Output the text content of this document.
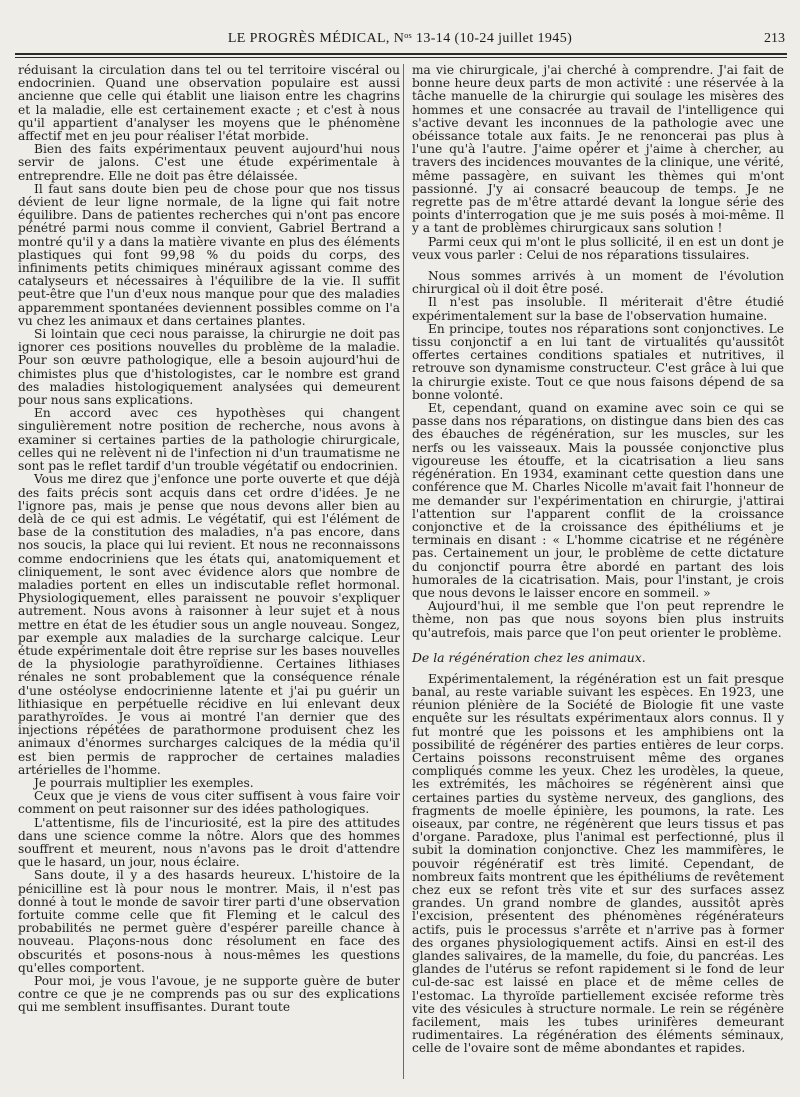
LE PROGRÈS MÉDICAL, Nᵒˢ 13-14 (10-24 juillet 1945)	213

réduisant la circulation dans tel ou tel territoire viscéral ou endocrinien. Quand une observation populaire est aussi ancienne que celle qui établit une liaison entre les chagrins et la maladie, elle est certainement exacte ; et c'est à nous qu'il appartient d'analyser les moyens que le phénomène affectif met en jeu pour réaliser l'état morbide.

Bien des faits expérimentaux peuvent aujourd'hui nous servir de jalons. C'est une étude expérimentale à entreprendre. Elle ne doit pas être délaissée.

Il faut sans doute bien peu de chose pour que nos tissus dévient de leur ligne normale, de la ligne qui fait notre équilibre. Dans de patientes recherches qui n'ont pas encore pénétré parmi nous comme il convient, Gabriel Bertrand a montré qu'il y a dans la matière vivante en plus des éléments plastiques qui font 99,98 % du poids du corps, des infiniments petits chimiques minéraux agissant comme des catalyseurs et nécessaires à l'équilibre de la vie. Il suffit peut-être que l'un d'eux nous manque pour que des maladies apparemment spontanées deviennent possibles comme on l'a vu chez les animaux et dans certaines plantes.

Si lointain que ceci nous paraisse, la chirurgie ne doit pas ignorer ces positions nouvelles du problème de la maladie. Pour son œuvre pathologique, elle a besoin aujourd'hui de chimistes plus que d'histologistes, car le nombre est grand des maladies histologiquement analysées qui demeurent pour nous sans explications.

En accord avec ces hypothèses qui changent singulièrement notre position de recherche, nous avons à examiner si certaines parties de la pathologie chirurgicale, celles qui ne relèvent ni de l'infection ni d'un traumatisme ne sont pas le reflet tardif d'un trouble végétatif ou endocrinien.

Vous me direz que j'enfonce une porte ouverte et que déjà des faits précis sont acquis dans cet ordre d'idées. Je ne l'ignore pas, mais je pense que nous devons aller bien au delà de ce qui est admis. Le végétatif, qui est l'élément de base de la constitution des maladies, n'a pas encore, dans nos soucis, la place qui lui revient. Et nous ne reconnaissons comme endocriniens que les états qui, anatomiquement et cliniquement, le sont avec évidence alors que nombre de maladies portent en elles un indiscutable reflet hormonal. Physiologiquement, elles paraissent ne pouvoir s'expliquer autrement. Nous avons à raisonner à leur sujet et à nous mettre en état de les étudier sous un angle nouveau. Songez, par exemple aux maladies de la surcharge calcique. Leur étude expérimentale doit être reprise sur les bases nouvelles de la physiologie parathyroïdienne. Certaines lithiases rénales ne sont probablement que la conséquence rénale d'une ostéolyse endocrinienne latente et j'ai pu guérir un lithiasique en perpétuelle récidive en lui enlevant deux parathyroïdes. Je vous ai montré l'an dernier que des injections répétées de parathormone produisent chez les animaux d'énormes surcharges calciques de la média qu'il est bien permis de rapprocher de certaines maladies artérielles de l'homme.

Je pourrais multiplier les exemples.

Ceux que je viens de vous citer suffisent à vous faire voir comment on peut raisonner sur des idées pathologiques.

L'attentisme, fils de l'incuriosité, est la pire des attitudes dans une science comme la nôtre. Alors que des hommes souffrent et meurent, nous n'avons pas le droit d'attendre que le hasard, un jour, nous éclaire.

Sans doute, il y a des hasards heureux. L'histoire de la pénicilline est là pour nous le montrer. Mais, il n'est pas donné à tout le monde de savoir tirer parti d'une observation fortuite comme celle que fit Fleming et le calcul des probabilités ne permet guère d'espérer pareille chance à nouveau. Plaçons-nous donc résolument en face des obscurités et posons-nous à nous-mêmes les questions qu'elles comportent.

Pour moi, je vous l'avoue, je ne supporte guère de buter contre ce que je ne comprends pas ou sur des explications qui me semblent insuffisantes. Durant toute

ma vie chirurgicale, j'ai cherché à comprendre. J'ai fait de bonne heure deux parts de mon activité : une réservée à la tâche manuelle de la chirurgie qui soulage les misères des hommes et une consacrée au travail de l'intelligence qui s'active devant les inconnues de la pathologie avec une obéissance totale aux faits. Je ne renoncerai pas plus à l'une qu'à l'autre. J'aime opérer et j'aime à chercher, au travers des incidences mouvantes de la clinique, une vérité, même passagère, en suivant les thèmes qui m'ont passionné. J'y ai consacré beaucoup de temps. Je ne regrette pas de m'être attardé devant la longue série des points d'interrogation que je me suis posés à moi-même. Il y a tant de problèmes chirurgicaux sans solution !

Parmi ceux qui m'ont le plus sollicité, il en est un dont je veux vous parler : Celui de nos réparations tissulaires.

Nous sommes arrivés à un moment de l'évolution chirurgical où il doit être posé.

Il n'est pas insoluble. Il mériterait d'être étudié expérimentalement sur la base de l'observation humaine.

En principe, toutes nos réparations sont conjonctives. Le tissu conjonctif a en lui tant de virtualités qu'aussitôt offertes certaines conditions spatiales et nutritives, il retrouve son dynamisme constructeur. C'est grâce à lui que la chirurgie existe. Tout ce que nous faisons dépend de sa bonne volonté.

Et, cependant, quand on examine avec soin ce qui se passe dans nos réparations, on distingue dans bien des cas des ébauches de régénération, sur les muscles, sur les nerfs ou les vaisseaux. Mais la poussée conjonctive plus vigoureuse les étouffe, et la cicatrisation a lieu sans régénération. En 1934, examinant cette question dans une conférence que M. Charles Nicolle m'avait fait l'honneur de me demander sur l'expérimentation en chirurgie, j'attirai l'attention sur l'apparent conflit de la croissance conjonctive et de la croissance des épithéliums et je terminais en disant : « L'homme cicatrise et ne régénère pas. Certainement un jour, le problème de cette dictature du conjonctif pourra être abordé en partant des lois humorales de la cicatrisation. Mais, pour l'instant, je crois que nous devons le laisser encore en sommeil. »

Aujourd'hui, il me semble que l'on peut reprendre le thème, non pas que nous soyons bien plus instruits qu'autrefois, mais parce que l'on peut orienter le problème.

De la régénération chez les animaux.

Expérimentalement, la régénération est un fait presque banal, au reste variable suivant les espèces. En 1923, une réunion plénière de la Société de Biologie fit une vaste enquête sur les résultats expérimentaux alors connus. Il y fut montré que les poissons et les amphibiens ont la possibilité de régénérer des parties entières de leur corps. Certains poissons reconstruisent même des organes compliqués comme les yeux. Chez les urodèles, la queue, les extrémités, les mâchoires se régénèrent ainsi que certaines parties du système nerveux, des ganglions, des fragments de moelle épinière, les poumons, la rate. Les oiseaux, par contre, ne régénèrent que leurs tissus et pas d'organe. Paradoxe, plus l'animal est perfectionné, plus il subit la domination conjonctive. Chez les mammifères, le pouvoir régénératif est très limité. Cependant, de nombreux faits montrent que les épithéliums de revêtement chez eux se refont très vite et sur des surfaces assez grandes. Un grand nombre de glandes, aussitôt après l'excision, présentent des phénomènes régénérateurs actifs, puis le processus s'arrête et n'arrive pas à former des organes physiologiquement actifs. Ainsi en est-il des glandes salivaires, de la mamelle, du foie, du pancréas. Les glandes de l'utérus se refont rapidement si le fond de leur cul-de-sac est laissé en place et de même celles de l'estomac. La thyroïde partiellement excisée reforme très vite des vésicules à structure normale. Le rein se régénère facilement, mais les tubes urinifères demeurant rudimentaires. La régénération des éléments séminaux, celle de l'ovaire sont de même abondantes et rapides.
